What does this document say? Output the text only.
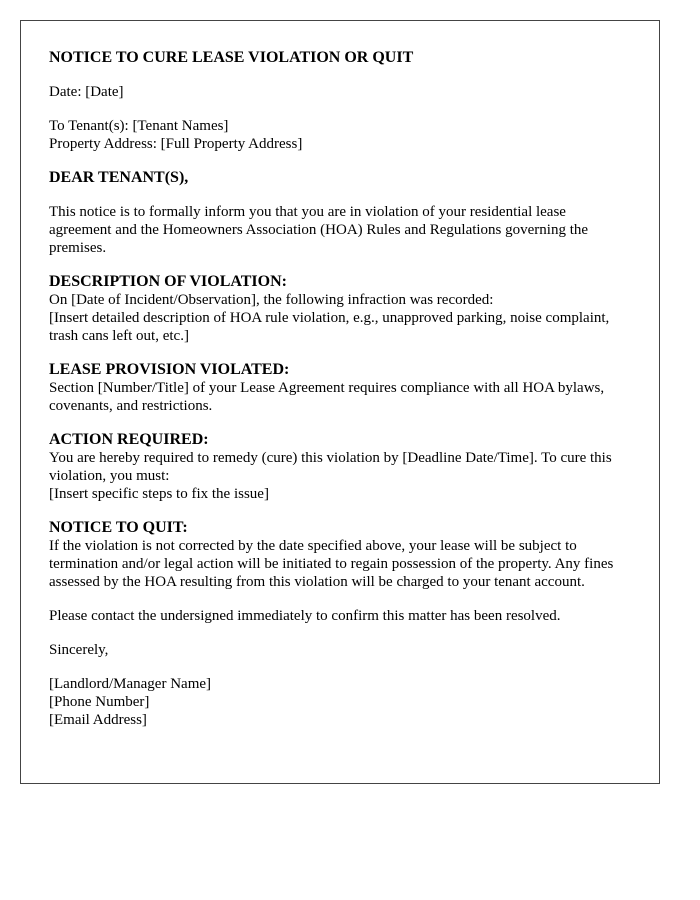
NOTICE TO CURE LEASE VIOLATION OR QUIT
Date: [Date]
To Tenant(s): [Tenant Names]
Property Address: [Full Property Address]
DEAR TENANT(S),
This notice is to formally inform you that you are in violation of your residential lease agreement and the Homeowners Association (HOA) Rules and Regulations governing the premises.
DESCRIPTION OF VIOLATION:
On [Date of Incident/Observation], the following infraction was recorded:
[Insert detailed description of HOA rule violation, e.g., unapproved parking, noise complaint, trash cans left out, etc.]
LEASE PROVISION VIOLATED:
Section [Number/Title] of your Lease Agreement requires compliance with all HOA bylaws, covenants, and restrictions.
ACTION REQUIRED:
You are hereby required to remedy (cure) this violation by [Deadline Date/Time]. To cure this violation, you must:
[Insert specific steps to fix the issue]
NOTICE TO QUIT:
If the violation is not corrected by the date specified above, your lease will be subject to termination and/or legal action will be initiated to regain possession of the property. Any fines assessed by the HOA resulting from this violation will be charged to your tenant account.
Please contact the undersigned immediately to confirm this matter has been resolved.
Sincerely,
[Landlord/Manager Name]
[Phone Number]
[Email Address]
